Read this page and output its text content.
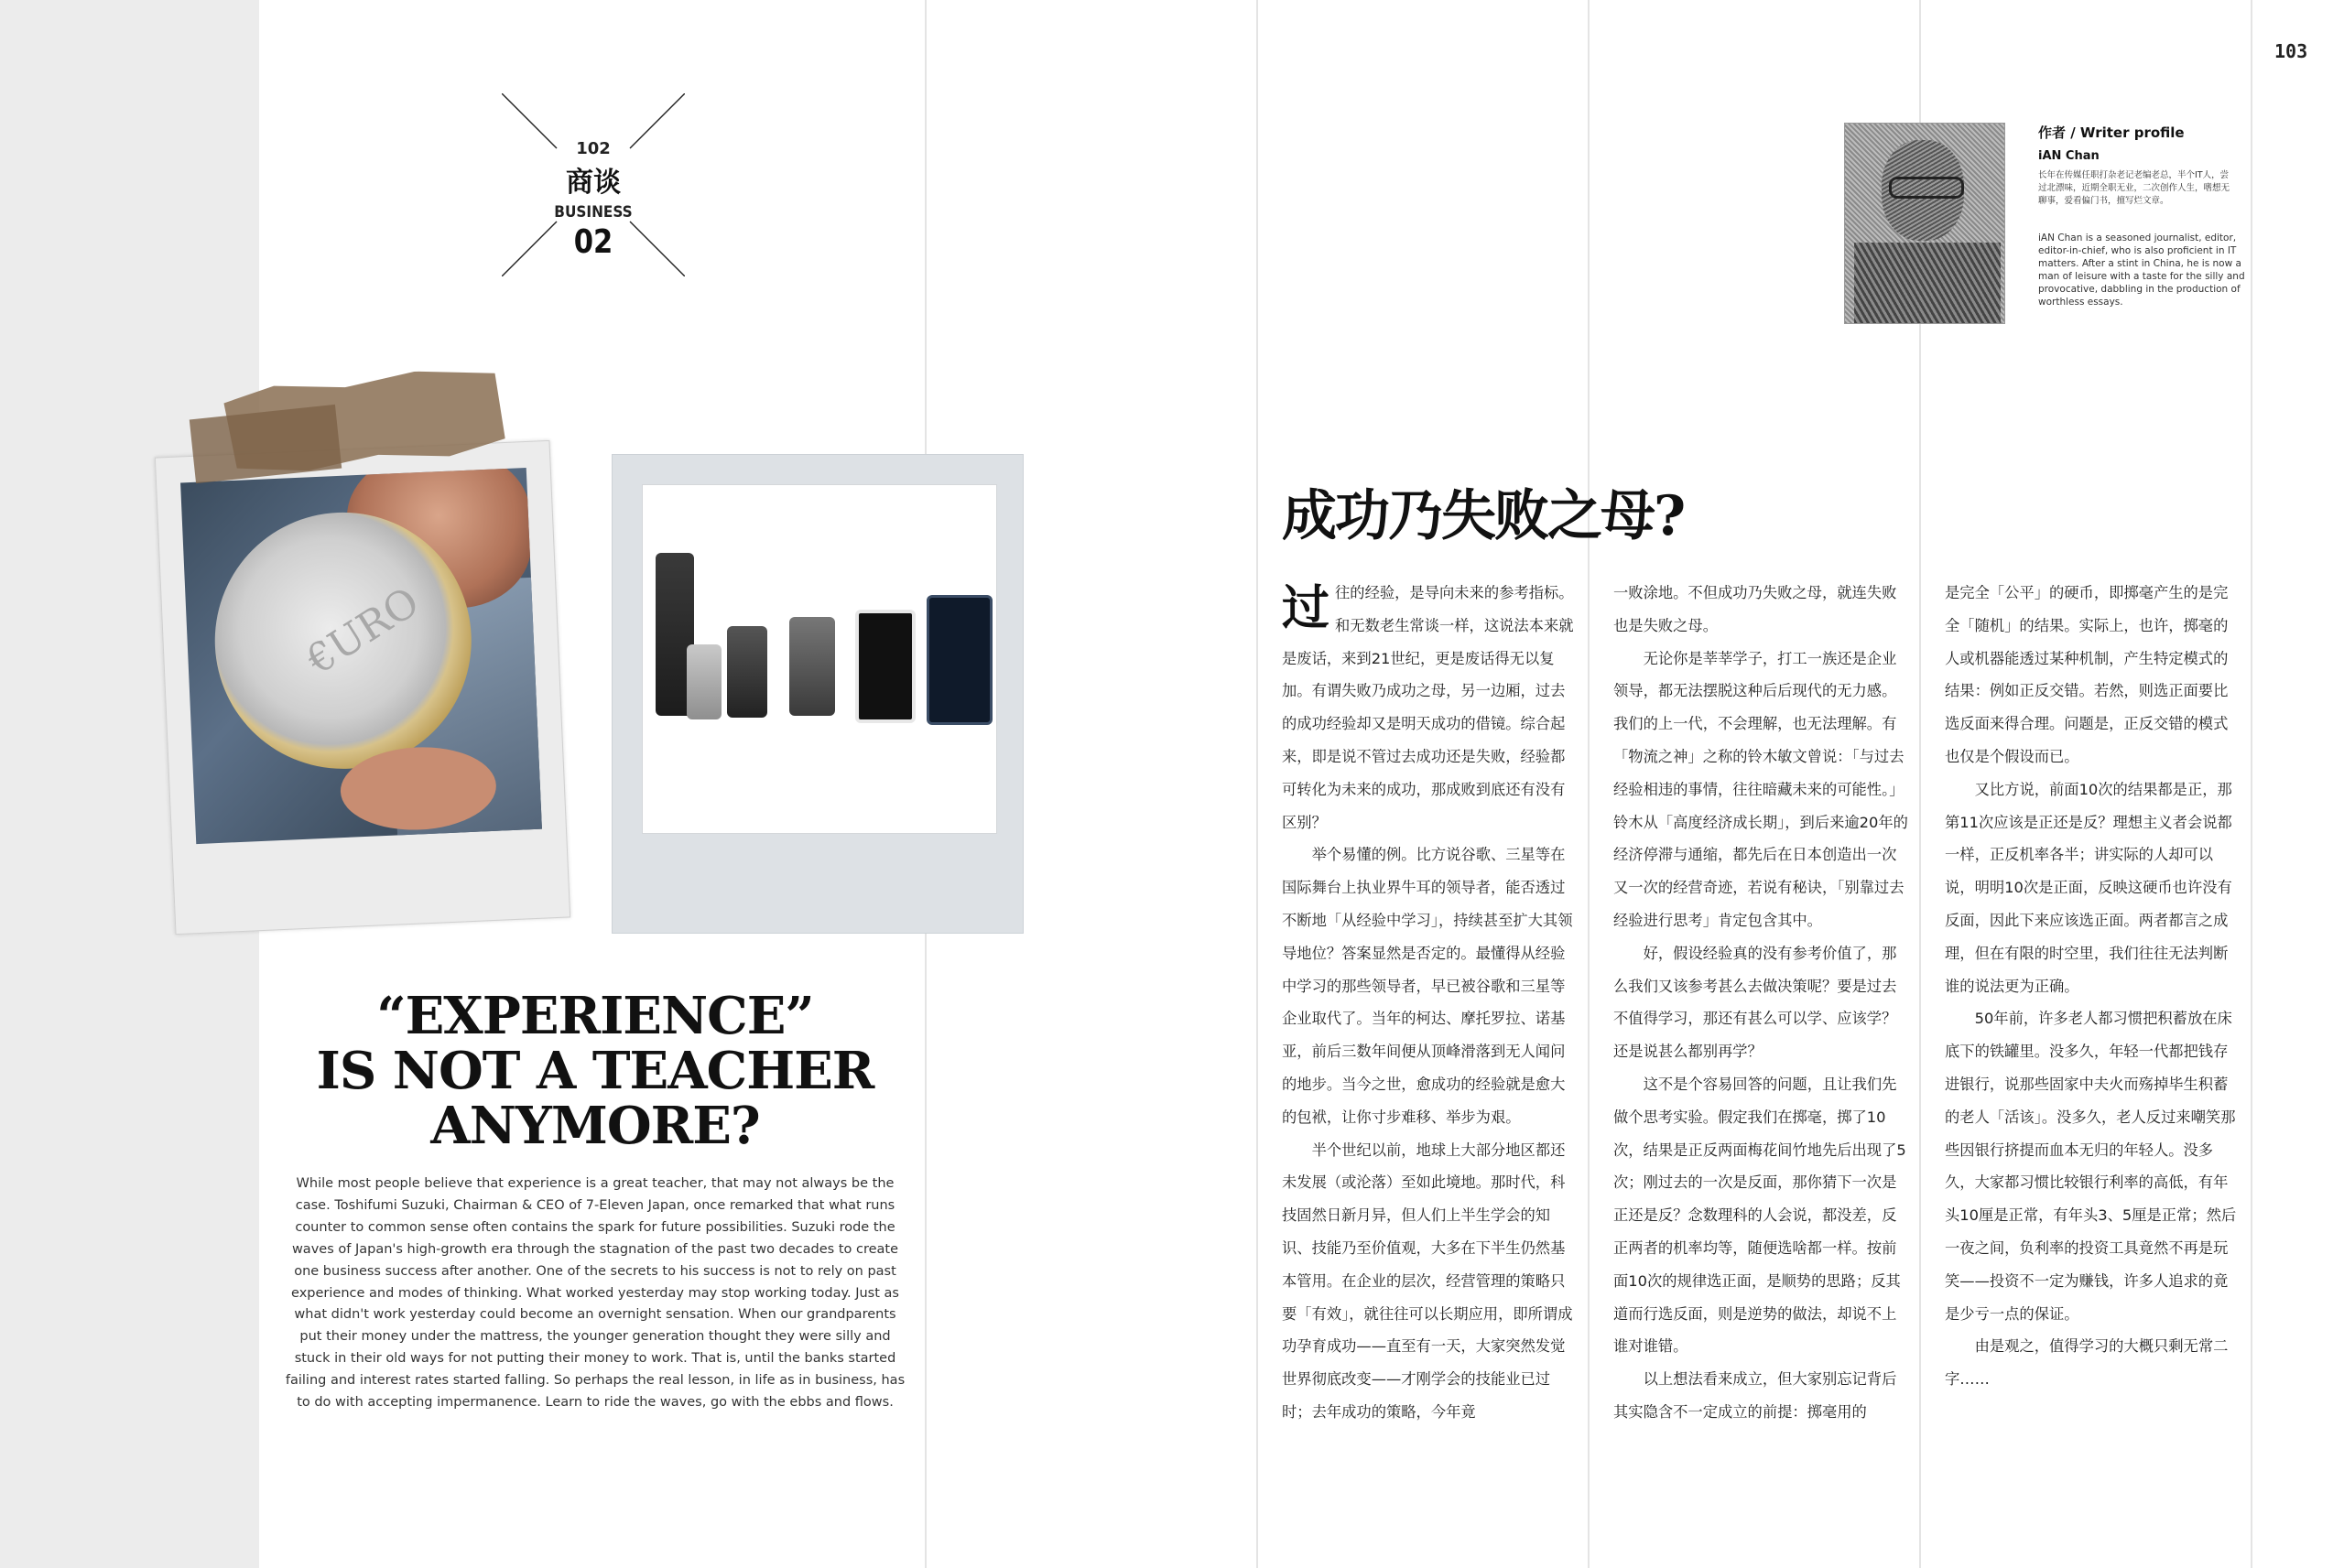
103
102
商谈
BUSINESS
02
€URO
“EXPERIENCE”
IS NOT A TEACHER
ANYMORE?

While most people believe that experience is a great teacher, that may not always be the

case. Toshifumi Suzuki, Chairman & CEO of 7-Eleven Japan, once remarked that what runs

counter to common sense often contains the spark for future possibilities. Suzuki rode the

waves of Japan's high-growth era through the stagnation of the past two decades to create

one business success after another. One of the secrets to his success is not to rely on past

experience and modes of thinking. What worked yesterday may stop working today. Just as

what didn't work yesterday could become an overnight sensation. When our grandparents

put their money under the mattress, the younger generation thought they were silly and

stuck in their old ways for not putting their money to work. That is, until the banks started

failing and interest rates started falling. So perhaps the real lesson, in life as in business, has

to do with accepting impermanence. Learn to ride the waves, go with the ebbs and flows.

作者 / Writer profile
iAN Chan
长年在传媒任职打杂老记老编老总，半个IT人，尝过北漂味，近期全职无业，二次创作人生，嗜想无聊事，爱看偏门书，擅写烂文章。
iAN Chan is a seasoned journalist, editor, editor-in-chief, who is also proficient in IT matters. After a stint in China, he is now a man of leisure with a taste for the silly and provocative, dabbling in the production of worthless essays.
成功乃失败之母?

过往的经验，是导向未来的参考指标。和无数老生常谈一样，这说法本来就是废话，来到21世纪，更是废话得无以复加。有谓失败乃成功之母，另一边厢，过去的成功经验却又是明天成功的借镜。综合起来，即是说不管过去成功还是失败，经验都可转化为未来的成功，那成败到底还有没有区别？

举个易懂的例。比方说谷歌、三星等在国际舞台上执业界牛耳的领导者，能否透过不断地「从经验中学习」，持续甚至扩大其领导地位？答案显然是否定的。最懂得从经验中学习的那些领导者，早已被谷歌和三星等企业取代了。当年的柯达、摩托罗拉、诺基亚，前后三数年间便从顶峰滑落到无人闻问的地步。当今之世，愈成功的经验就是愈大的包袱，让你寸步难移、举步为艰。

半个世纪以前，地球上大部分地区都还未发展（或沦落）至如此境地。那时代，科技固然日新月异，但人们上半生学会的知识、技能乃至价值观，大多在下半生仍然基本管用。在企业的层次，经营管理的策略只要「有效」，就往往可以长期应用，即所谓成功孕育成功——直至有一天，大家突然发觉世界彻底改变——才刚学会的技能业已过时；去年成功的策略，今年竟

一败涂地。不但成功乃失败之母，就连失败也是失败之母。

无论你是莘莘学子，打工一族还是企业领导，都无法摆脱这种后后现代的无力感。我们的上一代，不会理解，也无法理解。有「物流之神」之称的铃木敏文曾说：「与过去经验相违的事情，往往暗藏未来的可能性。」铃木从「高度经济成长期」，到后来逾20年的经济停滞与通缩，都先后在日本创造出一次又一次的经营奇迹，若说有秘诀，「别靠过去经验进行思考」肯定包含其中。

好，假设经验真的没有参考价值了，那么我们又该参考甚么去做决策呢？要是过去不值得学习，那还有甚么可以学、应该学？还是说甚么都别再学？

这不是个容易回答的问题，且让我们先做个思考实验。假定我们在掷毫，掷了10次，结果是正反两面梅花间竹地先后出现了5次；刚过去的一次是反面，那你猜下一次是正还是反？念数理科的人会说，都没差，反正两者的机率均等，随便选啥都一样。按前面10次的规律选正面，是顺势的思路；反其道而行选反面，则是逆势的做法，却说不上谁对谁错。

以上想法看来成立，但大家别忘记背后其实隐含不一定成立的前提：掷毫用的

是完全「公平」的硬币，即掷毫产生的是完全「随机」的结果。实际上，也许，掷毫的人或机器能透过某种机制，产生特定模式的结果：例如正反交错。若然，则选正面要比选反面来得合理。问题是，正反交错的模式也仅是个假设而已。

又比方说，前面10次的结果都是正，那第11次应该是正还是反？理想主义者会说都一样，正反机率各半；讲实际的人却可以说，明明10次是正面，反映这硬币也许没有反面，因此下来应该选正面。两者都言之成理，但在有限的时空里，我们往往无法判断谁的说法更为正确。

50年前，许多老人都习惯把积蓄放在床底下的铁罐里。没多久，年轻一代都把钱存进银行，说那些固家中夫火而殇掉毕生积蓄的老人「活该」。没多久，老人反过来嘲笑那些因银行挤提而血本无归的年轻人。没多久，大家都习惯比较银行利率的高低，有年头10厘是正常，有年头3、5厘是正常；然后一夜之间，负利率的投资工具竟然不再是玩笑——投资不一定为赚钱，许多人追求的竟是少亏一点的保证。

由是观之，值得学习的大概只剩无常二字……
